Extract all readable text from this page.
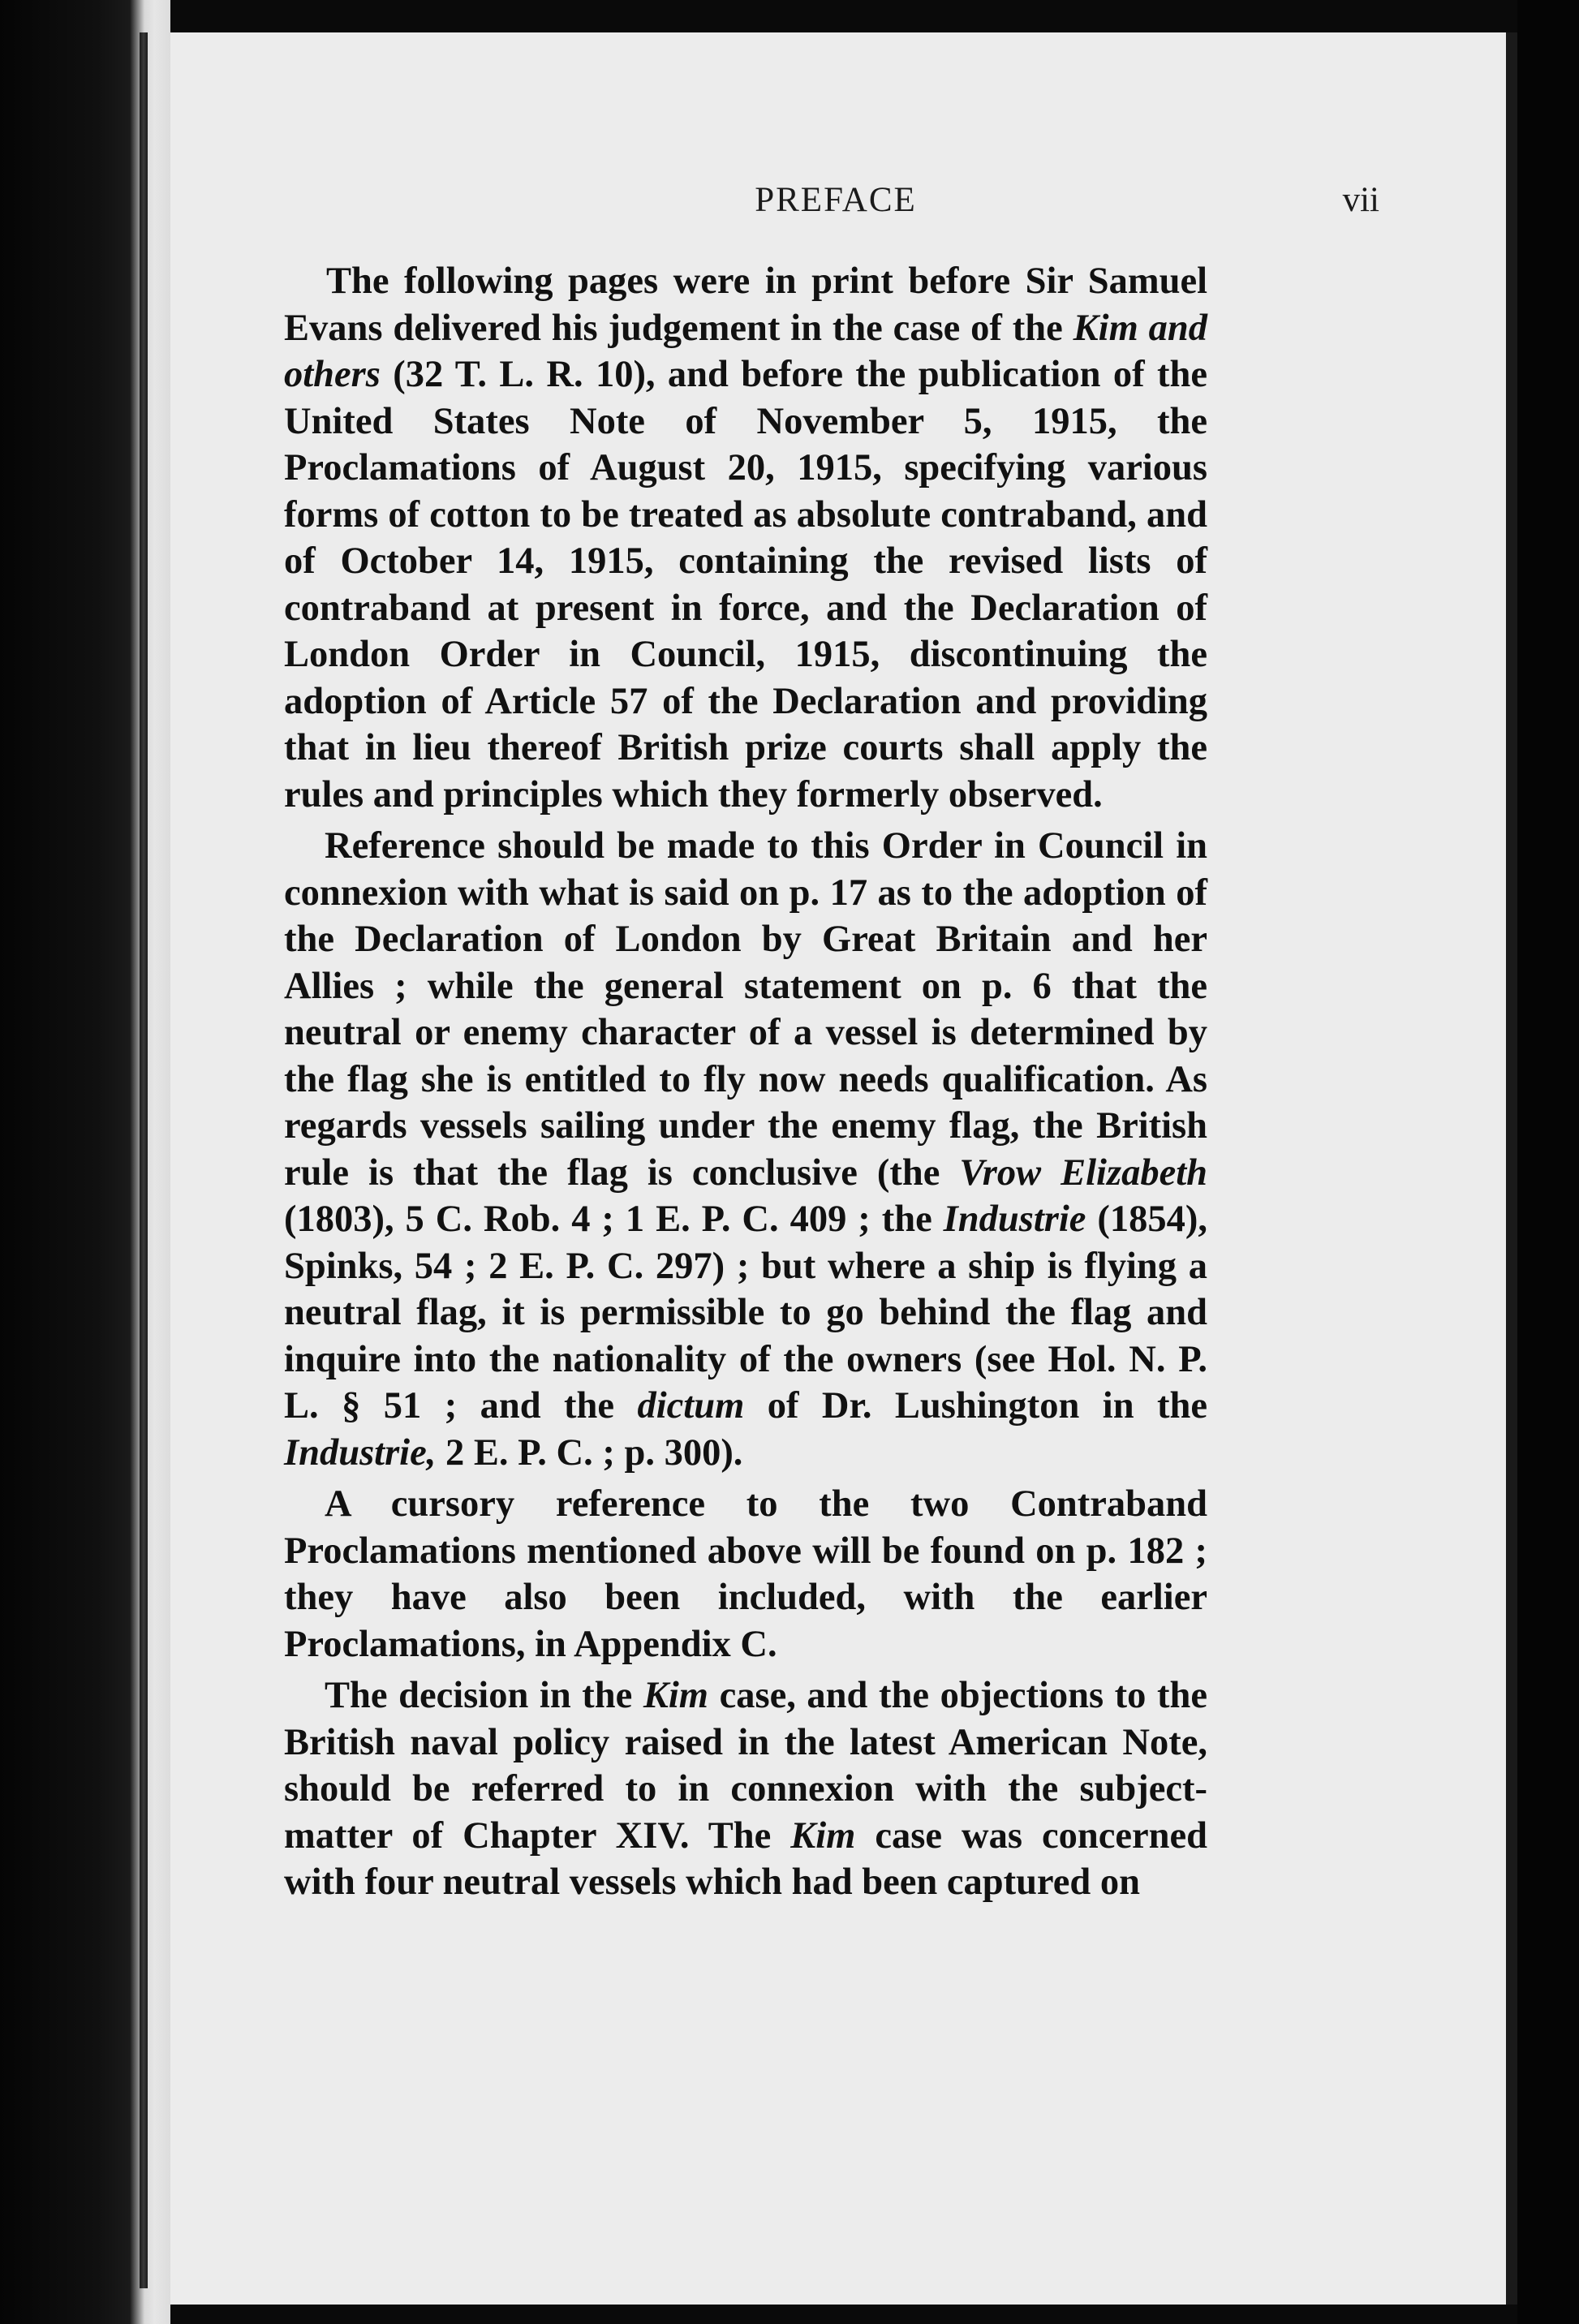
PREFACE	vii

The following pages were in print before Sir Samuel Evans delivered his judgement in the case of the Kim and others (32 T. L. R. 10), and before the publication of the United States Note of November 5, 1915, the Proclamations of August 20, 1915, specifying various forms of cotton to be treated as absolute contraband, and of October 14, 1915, containing the revised lists of contraband at present in force, and the Declaration of London Order in Council, 1915, discontinuing the adoption of Article 57 of the Declaration and providing that in lieu thereof British prize courts shall apply the rules and principles which they formerly observed.

Reference should be made to this Order in Council in connexion with what is said on p. 17 as to the adoption of the Declaration of London by Great Britain and her Allies ; while the general statement on p. 6 that the neutral or enemy character of a vessel is determined by the flag she is entitled to fly now needs qualification. As regards vessels sailing under the enemy flag, the British rule is that the flag is conclusive (the Vrow Elizabeth (1803), 5 C. Rob. 4 ; 1 E. P. C. 409 ; the Industrie (1854), Spinks, 54 ; 2 E. P. C. 297) ; but where a ship is flying a neutral flag, it is permissible to go behind the flag and inquire into the nationality of the owners (see Hol. N. P. L. § 51 ; and the dictum of Dr. Lushington in the Industrie, 2 E. P. C. ; p. 300).

A cursory reference to the two Contraband Proclamations mentioned above will be found on p. 182 ; they have also been included, with the earlier Proclamations, in Appendix C.

The decision in the Kim case, and the objections to the British naval policy raised in the latest American Note, should be referred to in connexion with the subject-matter of Chapter XIV. The Kim case was concerned with four neutral vessels which had been captured on
